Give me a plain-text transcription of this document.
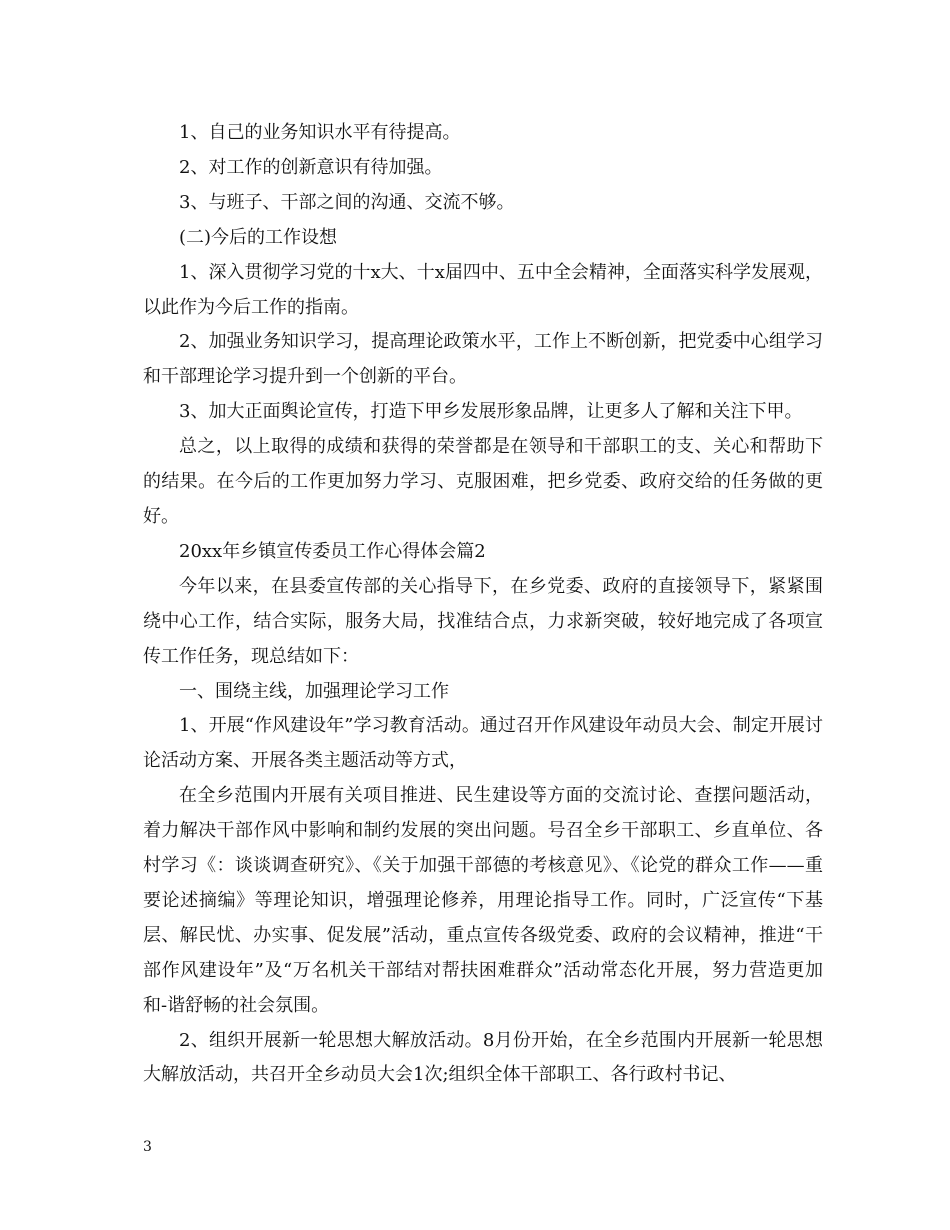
1、自己的业务知识水平有待提高。

2、对工作的创新意识有待加强。

3、与班子、干部之间的沟通、交流不够。

(二)今后的工作设想

1、深入贯彻学习党的十x大、十x届四中、五中全会精神，全面落实科学发展观，以此作为今后工作的指南。

2、加强业务知识学习，提高理论政策水平，工作上不断创新，把党委中心组学习和干部理论学习提升到一个创新的平台。

3、加大正面舆论宣传，打造下甲乡发展形象品牌，让更多人了解和关注下甲。

总之，以上取得的成绩和获得的荣誉都是在领导和干部职工的支、关心和帮助下的结果。在今后的工作更加努力学习、克服困难，把乡党委、政府交给的任务做的更好。

20xx年乡镇宣传委员工作心得体会篇2

今年以来，在县委宣传部的关心指导下，在乡党委、政府的直接领导下，紧紧围绕中心工作，结合实际，服务大局，找准结合点，力求新突破，较好地完成了各项宣传工作任务，现总结如下：

一、围绕主线，加强理论学习工作

1、开展“作风建设年”学习教育活动。通过召开作风建设年动员大会、制定开展讨论活动方案、开展各类主题活动等方式，

在全乡范围内开展有关项目推进、民生建设等方面的交流讨论、查摆问题活动，着力解决干部作风中影响和制约发展的突出问题。号召全乡干部职工、乡直单位、各村学习《：谈谈调查研究》、《关于加强干部德的考核意见》、《论党的群众工作——重要论述摘编》等理论知识，增强理论修养，用理论指导工作。同时，广泛宣传“下基层、解民忧、办实事、促发展”活动，重点宣传各级党委、政府的会议精神，推进“干部作风建设年”及“万名机关干部结对帮扶困难群众”活动常态化开展，努力营造更加和-谐舒畅的社会氛围。

2、组织开展新一轮思想大解放活动。8月份开始，在全乡范围内开展新一轮思想大解放活动，共召开全乡动员大会1次;组织全体干部职工、各行政村书记、

3
